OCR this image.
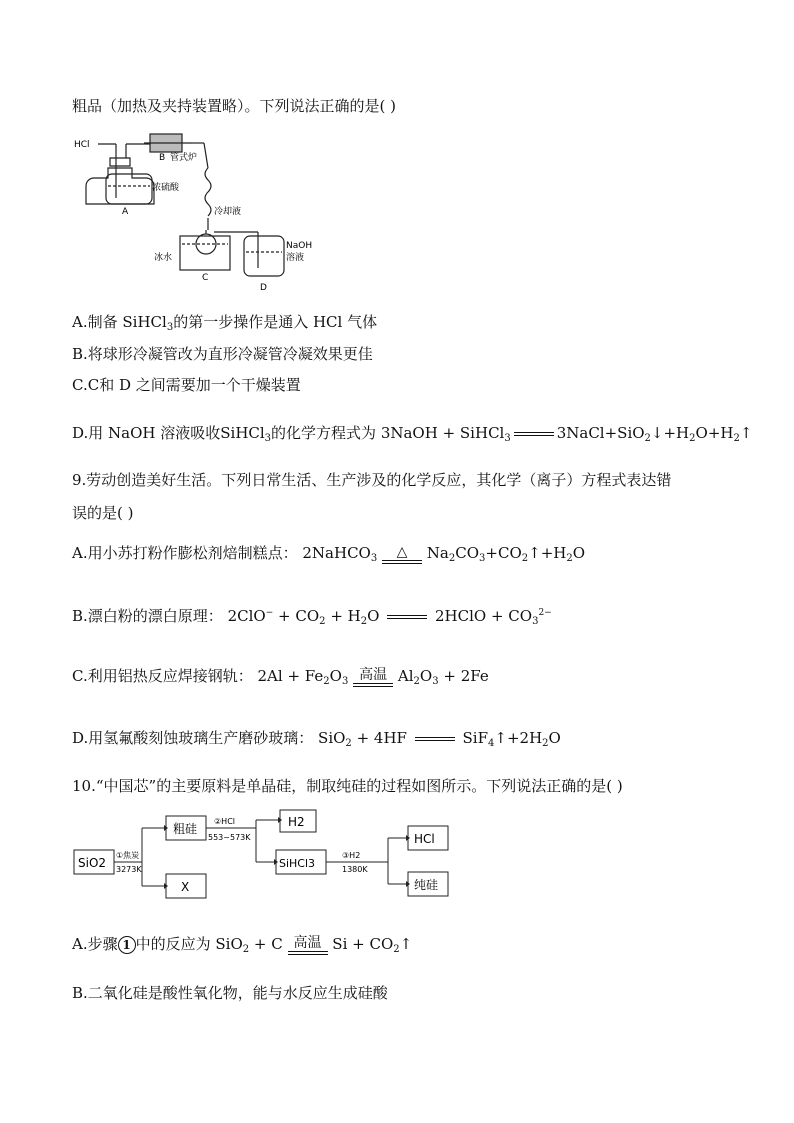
粗品（加热及夹持装置略）。下列说法正确的是( )
HCl
B 管式炉
浓硫酸
A	冷却液
冰水
C
NaOH
溶液
D
A.制备 SiHCl$_3$的第一步操作是通入 HCl 气体
B.将球形冷凝管改为直形冷凝管冷凝效果更佳
C.C和 D 之间需要加一个干燥装置
D.用 NaOH 溶液吸收SiHCl$_3$的化学方程式为 3NaOH + SiHCl$_3$	$3NaCl+SiO_2↓+H_2O+H_2↑$
9.劳动创造美好生活。下列日常生活、生产涉及的化学反应，其化学（离子）方程式表达错
误的是( )
A.用小苏打粉作膨松剂焙制糕点： 2NaHCO$_3$	△	$Na_2CO_3+CO_2↑+H_2O$
B.漂白粉的漂白原理： $2ClO^- + CO_2 + H_2O$	2HClO + $CO_3^{2-}$
C.利用铝热反应焊接钢轨： $2Al + Fe_2O_3$ 高温 $Al_2O_3 + 2Fe$
D.用氢氟酸刻蚀玻璃生产磨砂玻璃： SiO$_2$ + 4HF	$SiF_4↑+2H_2O$
10.“中国芯”的主要原料是单晶硅，制取纯硅的过程如图所示。下列说法正确的是( )
SiO2
①焦炭
3273K
粗硅
X
②HCl
553~573K
H2
SiHCl3
③H2
1380K
HCl
纯硅
A.步骤 1 中的反应为 SiO$_2$ + C 高温 $Si + CO_2↑$
B.二氧化硅是酸性氧化物，能与水反应生成硅酸
